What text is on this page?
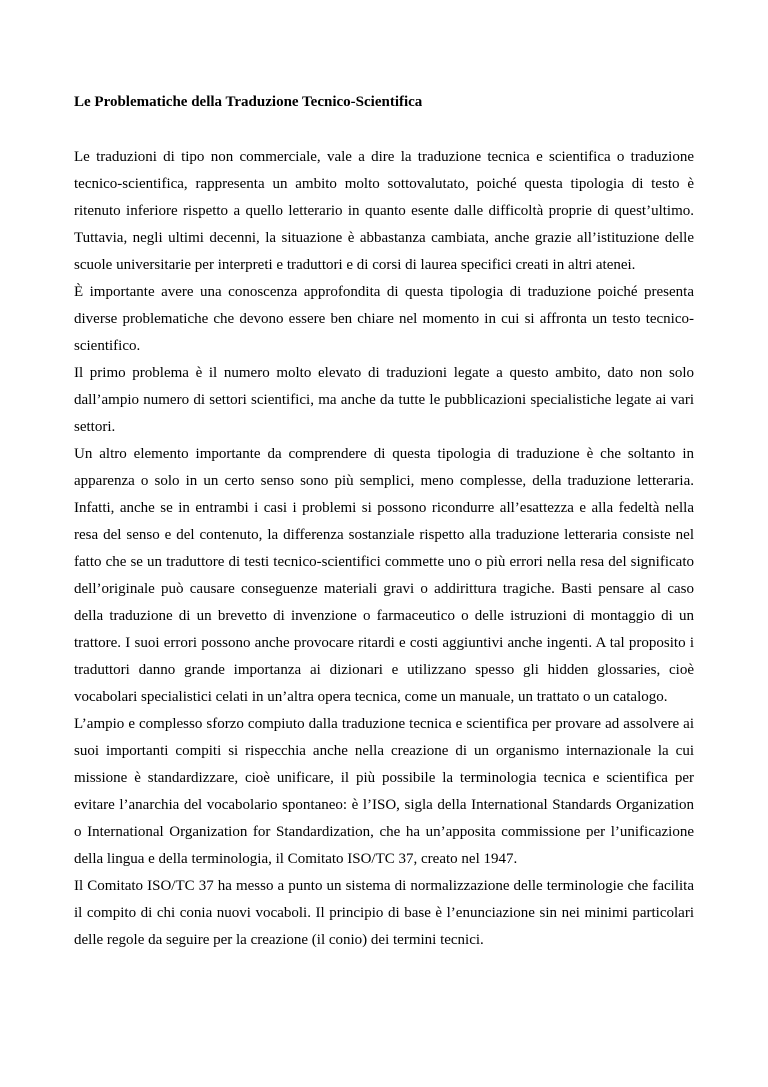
Le Problematiche della Traduzione Tecnico-Scientifica

Le traduzioni di tipo non commerciale, vale a dire la traduzione tecnica e scientifica o traduzione tecnico-scientifica, rappresenta un ambito molto sottovalutato, poiché questa tipologia di testo è ritenuto inferiore rispetto a quello letterario in quanto esente dalle difficoltà proprie di quest’ultimo. Tuttavia, negli ultimi decenni, la situazione è abbastanza cambiata, anche grazie all’istituzione delle scuole universitarie per interpreti e traduttori e di corsi di laurea specifici creati in altri atenei.

È importante avere una conoscenza approfondita di questa tipologia di traduzione poiché presenta diverse problematiche che devono essere ben chiare nel momento in cui si affronta un testo tecnico-scientifico.

Il primo problema è il numero molto elevato di traduzioni legate a questo ambito, dato non solo dall’ampio numero di settori scientifici, ma anche da tutte le pubblicazioni specialistiche legate ai vari settori.

Un altro elemento importante da comprendere di questa tipologia di traduzione è che soltanto in apparenza o solo in un certo senso sono più semplici, meno complesse, della traduzione letteraria. Infatti, anche se in entrambi i casi i problemi si possono ricondurre all’esattezza e alla fedeltà nella resa del senso e del contenuto, la differenza sostanziale rispetto alla traduzione letteraria consiste nel fatto che se un traduttore di testi tecnico-scientifici commette uno o più errori nella resa del significato dell’originale può causare conseguenze materiali gravi o addirittura tragiche. Basti pensare al caso della traduzione di un brevetto di invenzione o farmaceutico o delle istruzioni di montaggio di un trattore. I suoi errori possono anche provocare ritardi e costi aggiuntivi anche ingenti. A tal proposito i traduttori danno grande importanza ai dizionari e utilizzano spesso gli hidden glossaries, cioè vocabolari specialistici celati in un’altra opera tecnica, come un manuale, un trattato o un catalogo.

L’ampio e complesso sforzo compiuto dalla traduzione tecnica e scientifica per provare ad assolvere ai suoi importanti compiti si rispecchia anche nella creazione di un organismo internazionale la cui missione è standardizzare, cioè unificare, il più possibile la terminologia tecnica e scientifica per evitare l’anarchia del vocabolario spontaneo: è l’ISO, sigla della International Standards Organization o International Organization for Standardization, che ha un’apposita commissione per l’unificazione della lingua e della terminologia, il Comitato ISO/TC 37, creato nel 1947.

Il Comitato ISO/TC 37 ha messo a punto un sistema di normalizzazione delle terminologie che facilita il compito di chi conia nuovi vocaboli. Il principio di base è l’enunciazione sin nei minimi particolari delle regole da seguire per la creazione (il conio) dei termini tecnici.
